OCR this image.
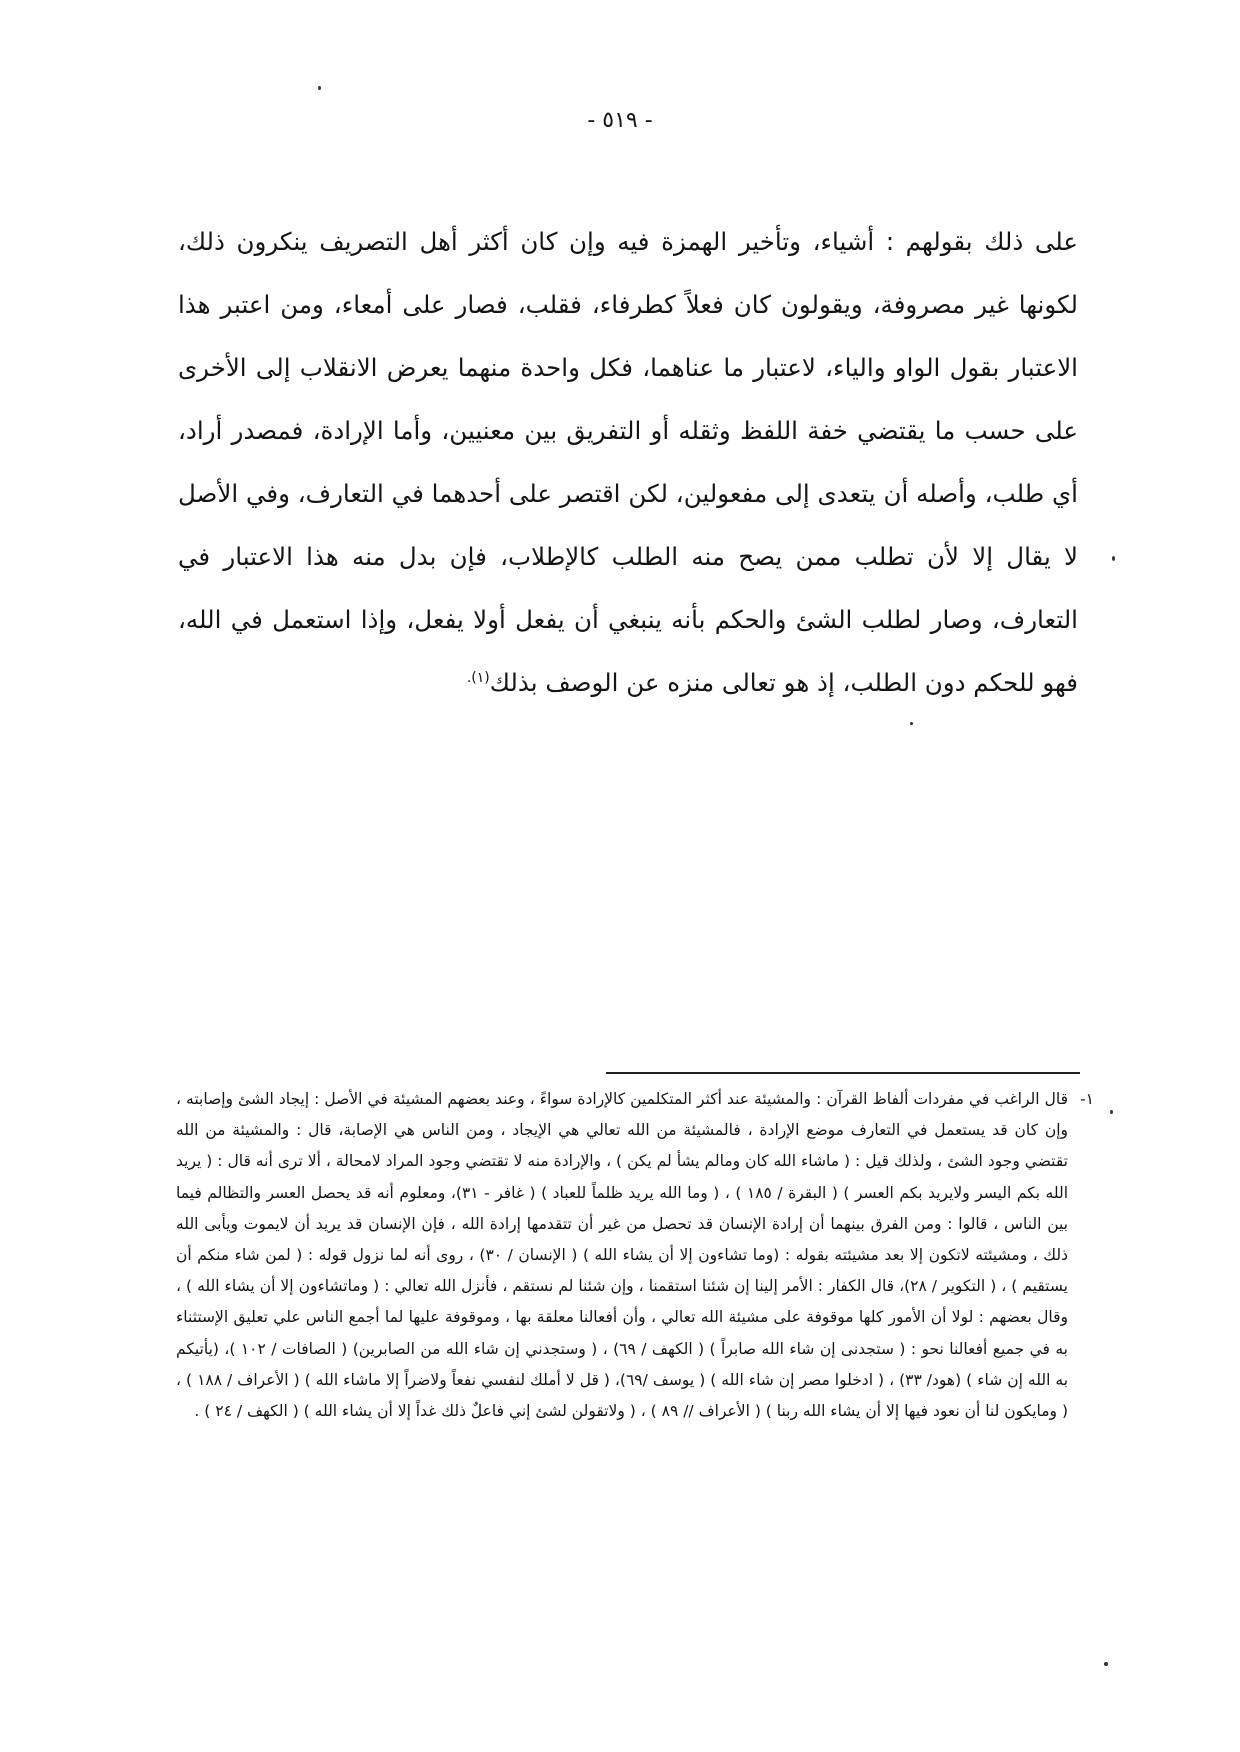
- ٥١٩ -

على ذلك بقولهم : أشياء، وتأخير الهمزة فيه وإن كان أكثر أهل التصريف ينكرون ذلك، لكونها غير مصروفة، ويقولون كان فعلاً كطرفاء، فقلب، فصار على أمعاء، ومن اعتبر هذا الاعتبار بقول الواو والياء، لاعتبار ما عناهما، فكل واحدة منهما يعرض الانقلاب إلى الأخرى على حسب ما يقتضي خفة اللفظ وثقله أو التفريق بين معنيين، وأما الإرادة، فمصدر أراد، أي طلب، وأصله أن يتعدى إلى مفعولين، لكن اقتصر على أحدهما في التعارف، وفي الأصل لا يقال إلا لأن تطلب ممن يصح منه الطلب كالإطلاب، فإن بدل منه هذا الاعتبار في التعارف، وصار لطلب الشئ والحكم بأنه ينبغي أن يفعل أولا يفعل، وإذا استعمل في الله، فهو للحكم دون الطلب، إذ هو تعالى منزه عن الوصف بذلك$^{(١).}$

١-
قال الراغب في مفردات ألفاظ القرآن : والمشيئة عند أكثر المتكلمين كالإرادة سواءً ، وعند بعضهم المشيئة في الأصل : إيجاد الشئ وإصابته ، وإن كان قد يستعمل في التعارف موضع الإرادة ، فالمشيئة من الله تعالي هي الإيجاد ، ومن الناس هي الإصابة، قال : والمشيئة من الله تقتضي وجود الشئ ، ولذلك قيل : ( ماشاء الله كان ومالم يشأ لم يكن ) ، والإرادة منه لا تقتضي وجود المراد لامحالة ، ألا ترى أنه قال : ( يريد الله بكم اليسر ولايريد بكم العسر ) ( البقرة / ١٨٥ ) ، ( وما الله يريد ظلماً للعباد ) ( غافر - ٣١)، ومعلوم أنه قد يحصل العسر والتظالم فيما بين الناس ، قالوا : ومن الفرق بينهما أن إرادة الإنسان قد تحصل من غير أن تتقدمها إرادة الله ، فإن الإنسان قد يريد أن لايموت ويأبى الله ذلك ، ومشيئته لاتكون إلا بعد مشيئته بقوله : (وما تشاءون إلا أن يشاء الله ) ( الإنسان / ٣٠) ، روى أنه لما نزول قوله : ( لمن شاء منكم أن يستقيم ) ، ( التكوير / ٢٨)، قال الكفار : الأمر إلينا إن شئنا استقمنا ، وإن شئنا لم نستقم ، فأنزل الله تعالي : ( وماتشاءون إلا أن يشاء الله ) ، وقال بعضهم : لولا أن الأمور كلها موقوفة على مشيئة الله تعالي ، وأن أفعالنا معلقة بها ، وموقوفة عليها لما أجمع الناس علي تعليق الإستثناء به في جميع أفعالنا نحو : ( ستجدنى إن شاء الله صابراً ) ( الكهف / ٦٩) ، ( وستجدني إن شاء الله من الصابرين) ( الصافات / ١٠٢ )، (يأتيكم به الله إن شاء ) (هود/ ٣٣) ، ( ادخلوا مصر إن شاء الله ) ( يوسف /٦٩)، ( قل لا أملك لنفسي نفعاً ولاضراً إلا ماشاء الله ) ( الأعراف / ١٨٨ ) ، ( ومايكون لنا أن نعود فيها إلا أن يشاء الله ربنا ) ( الأعراف // ٨٩ ) ، ( ولاتقولن لشئ إني فاعلٌ ذلك غداً إلا أن يشاء الله ) ( الكهف / ٢٤ ) .
